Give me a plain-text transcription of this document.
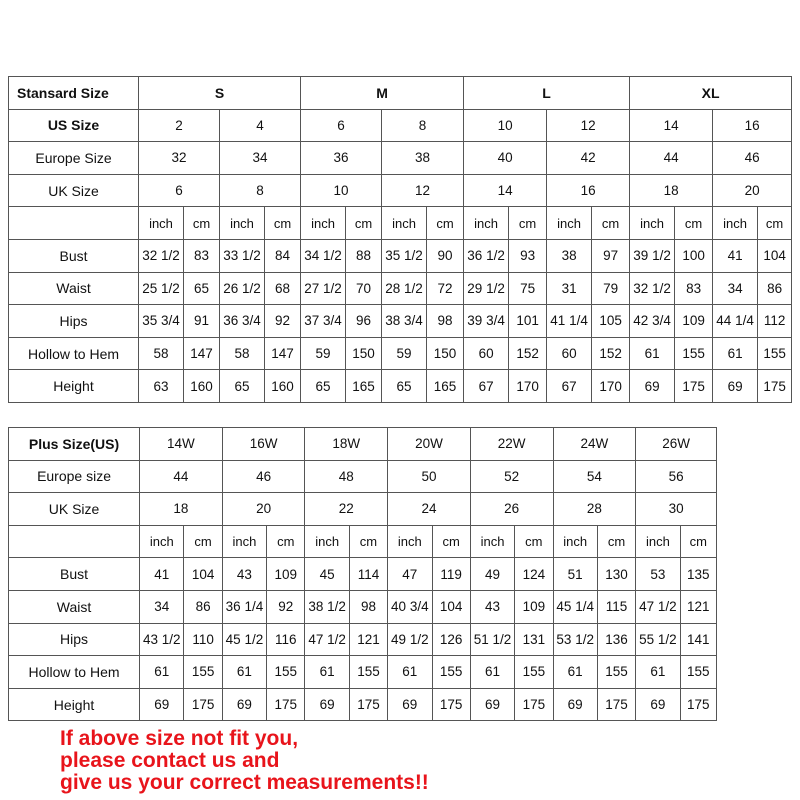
Stansard Size	S				M				L				XL			
US Size	2		4		6		8		10		12		14		16	
Europe Size	32		34		36		38		40		42		44		46	
UK Size	6		8		10		12		14		16		18		20	
	inch	cm	inch	cm	inch	cm	inch	cm	inch	cm	inch	cm	inch	cm	inch	cm
Bust	32 1/2	83	33 1/2	84	34 1/2	88	35 1/2	90	36 1/2	93	38	97	39 1/2	100	41	104
Waist	25 1/2	65	26 1/2	68	27 1/2	70	28 1/2	72	29 1/2	75	31	79	32 1/2	83	34	86
Hips	35 3/4	91	36 3/4	92	37 3/4	96	38 3/4	98	39 3/4	101	41 1/4	105	42 3/4	109	44 1/4	112
Hollow to Hem	58	147	58	147	59	150	59	150	60	152	60	152	61	155	61	155
Height	63	160	65	160	65	165	65	165	67	170	67	170	69	175	69	175
Plus Size(US)	14W		16W		18W		20W		22W		24W		26W	
Europe size	44		46		48		50		52		54		56	
UK Size	18		20		22		24		26		28		30	
	inch	cm	inch	cm	inch	cm	inch	cm	inch	cm	inch	cm	inch	cm
Bust	41	104	43	109	45	114	47	119	49	124	51	130	53	135
Waist	34	86	36 1/4	92	38 1/2	98	40 3/4	104	43	109	45 1/4	115	47 1/2	121
Hips	43 1/2	110	45 1/2	116	47 1/2	121	49 1/2	126	51 1/2	131	53 1/2	136	55 1/2	141
Hollow to Hem	61	155	61	155	61	155	61	155	61	155	61	155	61	155
Height	69	175	69	175	69	175	69	175	69	175	69	175	69	175
If above size not fit you,
please contact us and
give us your correct measurements!!
